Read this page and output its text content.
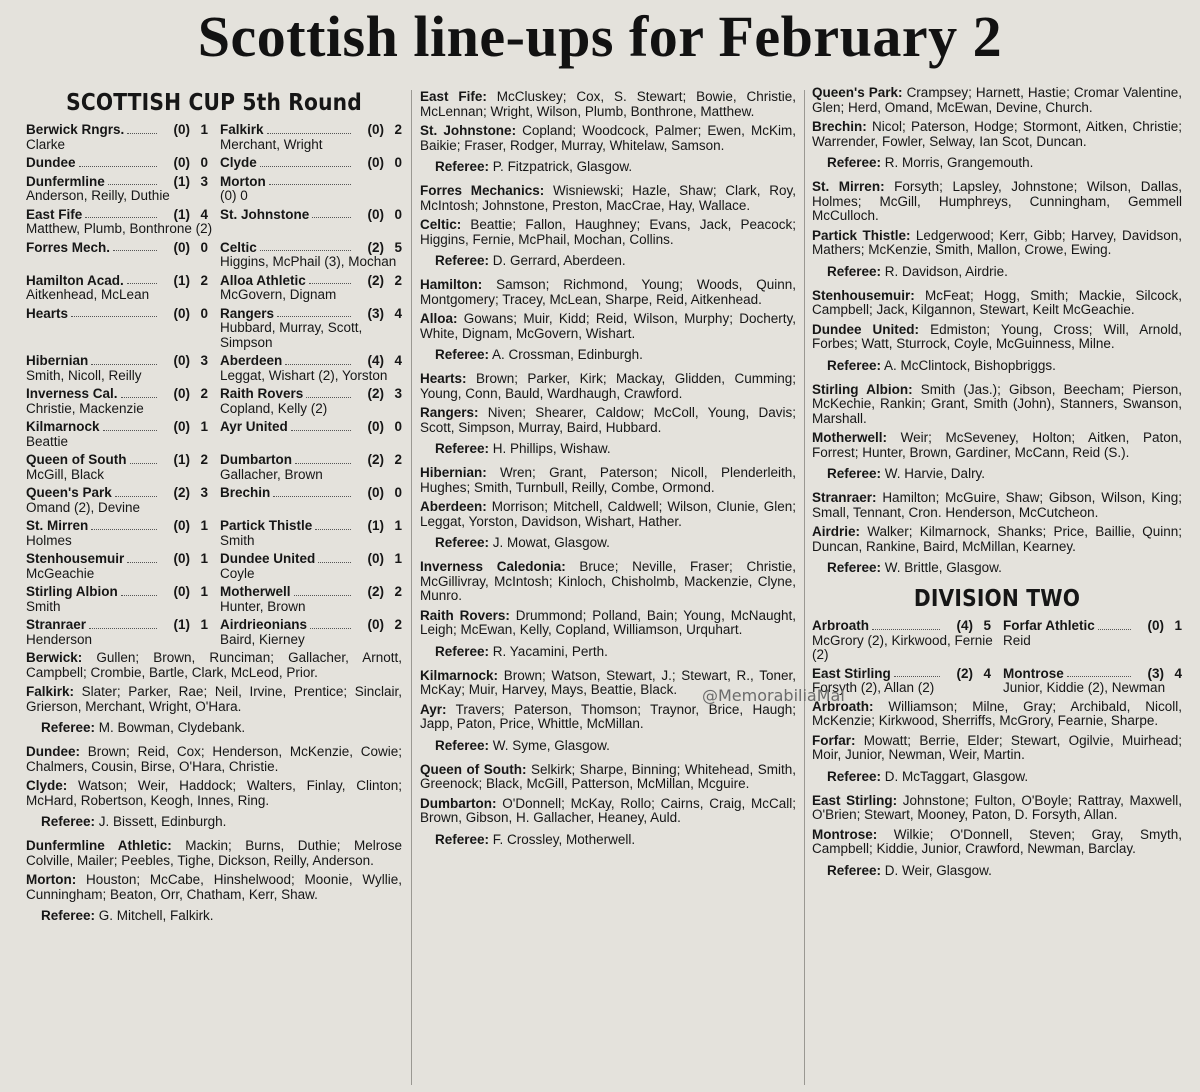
Scottish line-ups for February 2
SCOTTISH CUP 5th Round
Berwick Rngrs.	(0) 1
Clarke
Falkirk	(0) 2
Merchant, Wright
Dundee	(0) 0 Clyde	(0) 0
Dunfermline	(1) 3
Anderson, Reilly, Duthie
Morton
(0) 0
East Fife	(1) 4
Matthew, Plumb, Bonthrone (2)
St. Johnstone	(0) 0
Forres Mech.	(0) 0 Celtic	(2) 5
Higgins, McPhail (3), Mochan
Hamilton Acad.	(1) 2
Aitkenhead, McLean
Alloa Athletic	(2) 2
McGovern, Dignam
Hearts	(0) 0 Rangers	(3) 4
Hubbard, Murray, Scott, Simpson
Hibernian	(0) 3
Smith, Nicoll, Reilly
Aberdeen	(4) 4
Leggat, Wishart (2), Yorston
Inverness Cal.	(0) 2
Christie, Mackenzie
Raith Rovers	(2) 3
Copland, Kelly (2)
Kilmarnock	(0) 1
Beattie
Ayr United	(0) 0
Queen of South	(1) 2
McGill, Black
Dumbarton	(2) 2
Gallacher, Brown
Queen's Park	(2) 3
Omand (2), Devine
Brechin	(0) 0
St. Mirren	(0) 1
Holmes
Partick Thistle	(1) 1
Smith
Stenhousemuir	(0) 1
McGeachie
Dundee United	(0) 1
Coyle
Stirling Albion	(0) 1
Smith
Motherwell	(2) 2
Hunter, Brown
Stranraer	(1) 1
Henderson
Airdrieonians	(0) 2
Baird, Kierney
Berwick: Gullen; Brown, Runciman; Gallacher, Arnott, Campbell; Crombie, Bartle, Clark, McLeod, Prior.
Falkirk: Slater; Parker, Rae; Neil, Irvine, Prentice; Sinclair, Grierson, Merchant, Wright, O'Hara.
Referee: M. Bowman, Clydebank.
Dundee: Brown; Reid, Cox; Henderson, McKenzie, Cowie; Chalmers, Cousin, Birse, O'Hara, Christie.
Clyde: Watson; Weir, Haddock; Walters, Finlay, Clinton; McHard, Robertson, Keogh, Innes, Ring.
Referee: J. Bissett, Edinburgh.
Dunfermline Athletic: Mackin; Burns, Duthie; Melrose Colville, Mailer; Peebles, Tighe, Dickson, Reilly, Anderson.
Morton: Houston; McCabe, Hinshelwood; Moonie, Wyllie, Cunningham; Beaton, Orr, Chatham, Kerr, Shaw.
Referee: G. Mitchell, Falkirk.
East Fife: McCluskey; Cox, S. Stewart; Bowie, Christie, McLennan; Wright, Wilson, Plumb, Bonthrone, Matthew.
St. Johnstone: Copland; Woodcock, Palmer; Ewen, McKim, Baikie; Fraser, Rodger, Murray, Whitelaw, Samson.
Referee: P. Fitzpatrick, Glasgow.
Forres Mechanics: Wisniewski; Hazle, Shaw; Clark, Roy, McIntosh; Johnstone, Preston, MacCrae, Hay, Wallace.
Celtic: Beattie; Fallon, Haughney; Evans, Jack, Peacock; Higgins, Fernie, McPhail, Mochan, Collins.
Referee: D. Gerrard, Aberdeen.
Hamilton: Samson; Richmond, Young; Woods, Quinn, Montgomery; Tracey, McLean, Sharpe, Reid, Aitkenhead.
Alloa: Gowans; Muir, Kidd; Reid, Wilson, Murphy; Docherty, White, Dignam, McGovern, Wishart.
Referee: A. Crossman, Edinburgh.
Hearts: Brown; Parker, Kirk; Mackay, Glidden, Cumming; Young, Conn, Bauld, Wardhaugh, Crawford.
Rangers: Niven; Shearer, Caldow; McColl, Young, Davis; Scott, Simpson, Murray, Baird, Hubbard.
Referee: H. Phillips, Wishaw.
Hibernian: Wren; Grant, Paterson; Nicoll, Plenderleith, Hughes; Smith, Turnbull, Reilly, Combe, Ormond.
Aberdeen: Morrison; Mitchell, Caldwell; Wilson, Clunie, Glen; Leggat, Yorston, Davidson, Wishart, Hather.
Referee: J. Mowat, Glasgow.
Inverness Caledonia: Bruce; Neville, Fraser; Christie, McGillivray, McIntosh; Kinloch, Chisholmb, Mackenzie, Clyne, Munro.
Raith Rovers: Drummond; Polland, Bain; Young, McNaught, Leigh; McEwan, Kelly, Copland, Williamson, Urquhart.
Referee: R. Yacamini, Perth.
Kilmarnock: Brown; Watson, Stewart, J.; Stewart, R., Toner, McKay; Muir, Harvey, Mays, Beattie, Black.
Ayr: Travers; Paterson, Thomson; Traynor, Brice, Haugh; Japp, Paton, Price, Whittle, McMillan.
Referee: W. Syme, Glasgow.
Queen of South: Selkirk; Sharpe, Binning; Whitehead, Smith, Greenock; Black, McGill, Patterson, McMillan, Mcguire.
Dumbarton: O'Donnell; McKay, Rollo; Cairns, Craig, McCall; Brown, Gibson, H. Gallacher, Heaney, Auld.
Referee: F. Crossley, Motherwell.
Queen's Park: Crampsey; Harnett, Hastie; Cromar Valentine, Glen; Herd, Omand, McEwan, Devine, Church.
Brechin: Nicol; Paterson, Hodge; Stormont, Aitken, Christie; Warrender, Fowler, Selway, Ian Scot, Duncan.
Referee: R. Morris, Grangemouth.
St. Mirren: Forsyth; Lapsley, Johnstone; Wilson, Dallas, Holmes; McGill, Humphreys, Cunningham, Gemmell McCulloch.
Partick Thistle: Ledgerwood; Kerr, Gibb; Harvey, Davidson, Mathers; McKenzie, Smith, Mallon, Crowe, Ewing.
Referee: R. Davidson, Airdrie.
Stenhousemuir: McFeat; Hogg, Smith; Mackie, Silcock, Campbell; Jack, Kilgannon, Stewart, Keilt McGeachie.
Dundee United: Edmiston; Young, Cross; Will, Arnold, Forbes; Watt, Sturrock, Coyle, McGuinness, Milne.
Referee: A. McClintock, Bishopbriggs.
Stirling Albion: Smith (Jas.); Gibson, Beecham; Pierson, McKechie, Rankin; Grant, Smith (John), Stanners, Swanson, Marshall.
Motherwell: Weir; McSeveney, Holton; Aitken, Paton, Forrest; Hunter, Brown, Gardiner, McCann, Reid (S.).
Referee: W. Harvie, Dalry.
Stranraer: Hamilton; McGuire, Shaw; Gibson, Wilson, King; Small, Tennant, Cron. Henderson, McCutcheon.
Airdrie: Walker; Kilmarnock, Shanks; Price, Baillie, Quinn; Duncan, Rankine, Baird, McMillan, Kearney.
Referee: W. Brittle, Glasgow.
DIVISION TWO
Arbroath	(4) 5
McGrory (2), Kirkwood, Fernie (2)
Forfar Athletic	(0) 1
Reid
East Stirling	(2) 4
Forsyth (2), Allan (2)
Montrose	(3) 4
Junior, Kiddie (2), Newman
Arbroath: Williamson; Milne, Gray; Archibald, Nicoll, McKenzie; Kirkwood, Sherriffs, McGrory, Fearnie, Sharpe.
Forfar: Mowatt; Berrie, Elder; Stewart, Ogilvie, Muirhead; Moir, Junior, Newman, Weir, Martin.
Referee: D. McTaggart, Glasgow.
East Stirling: Johnstone; Fulton, O'Boyle; Rattray, Maxwell, O'Brien; Stewart, Mooney, Paton, D. Forsyth, Allan.
Montrose: Wilkie; O'Donnell, Steven; Gray, Smyth, Campbell; Kiddie, Junior, Crawford, Newman, Barclay.
Referee: D. Weir, Glasgow.
@MemorabiliaMal
